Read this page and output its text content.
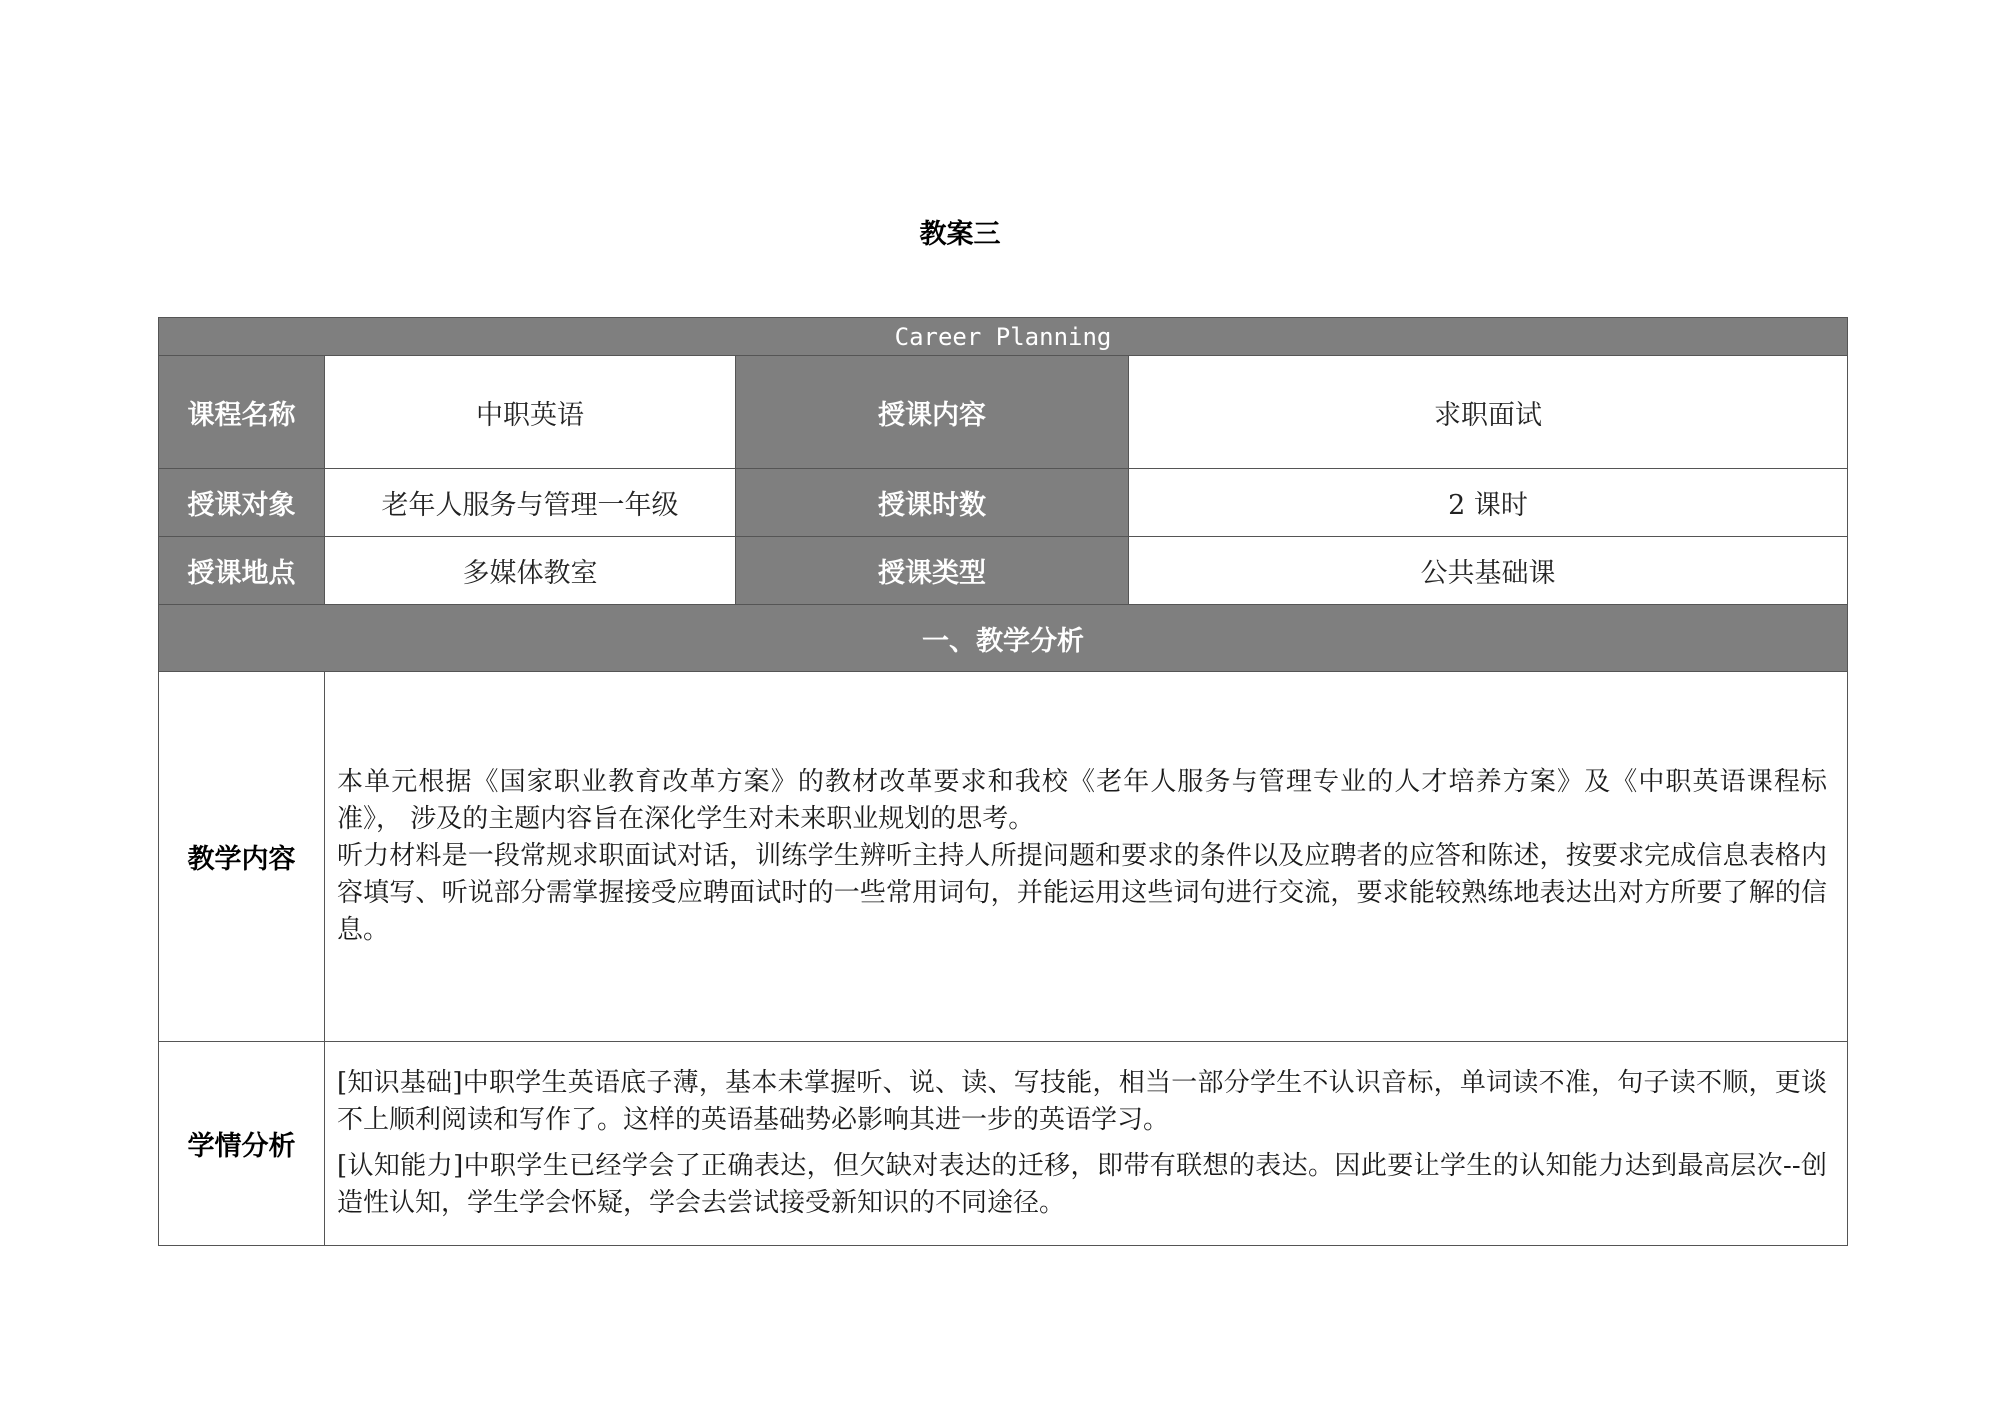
教案三
Career Planning			
课程名称	中职英语	授课内容	求职面试
授课对象	老年人服务与管理一年级	授课时数	2 课时
授课地点	多媒体教室	授课类型	公共基础课
一、教学分析			
教学内容	本单元根据《国家职业教育改革方案》的教材改革要求和我校《老年人服务与管理专业的人才培养方案》及《中职英语课程标准》， 涉及的主题内容旨在深化学生对未来职业规划的思考。

听力材料是一段常规求职面试对话，训练学生辨听主持人所提问题和要求的条件以及应聘者的应答和陈述，按要求完成信息表格内容填写、听说部分需掌握接受应聘面试时的一些常用词句，并能运用这些词句进行交流，要求能较熟练地表达出对方所要了解的信息。		

学情分析	[知识基础]中职学生英语底子薄，基本未掌握听、说、读、写技能，相当一部分学生不认识音标，单词读不准，句子读不顺，更谈不上顺利阅读和写作了。这样的英语基础势必影响其进一步的英语学习。

[认知能力]中职学生已经学会了正确表达，但欠缺对表达的迁移，即带有联想的表达。因此要让学生的认知能力达到最高层次--创造性认知，学生学会怀疑，学会去尝试接受新知识的不同途径。		
